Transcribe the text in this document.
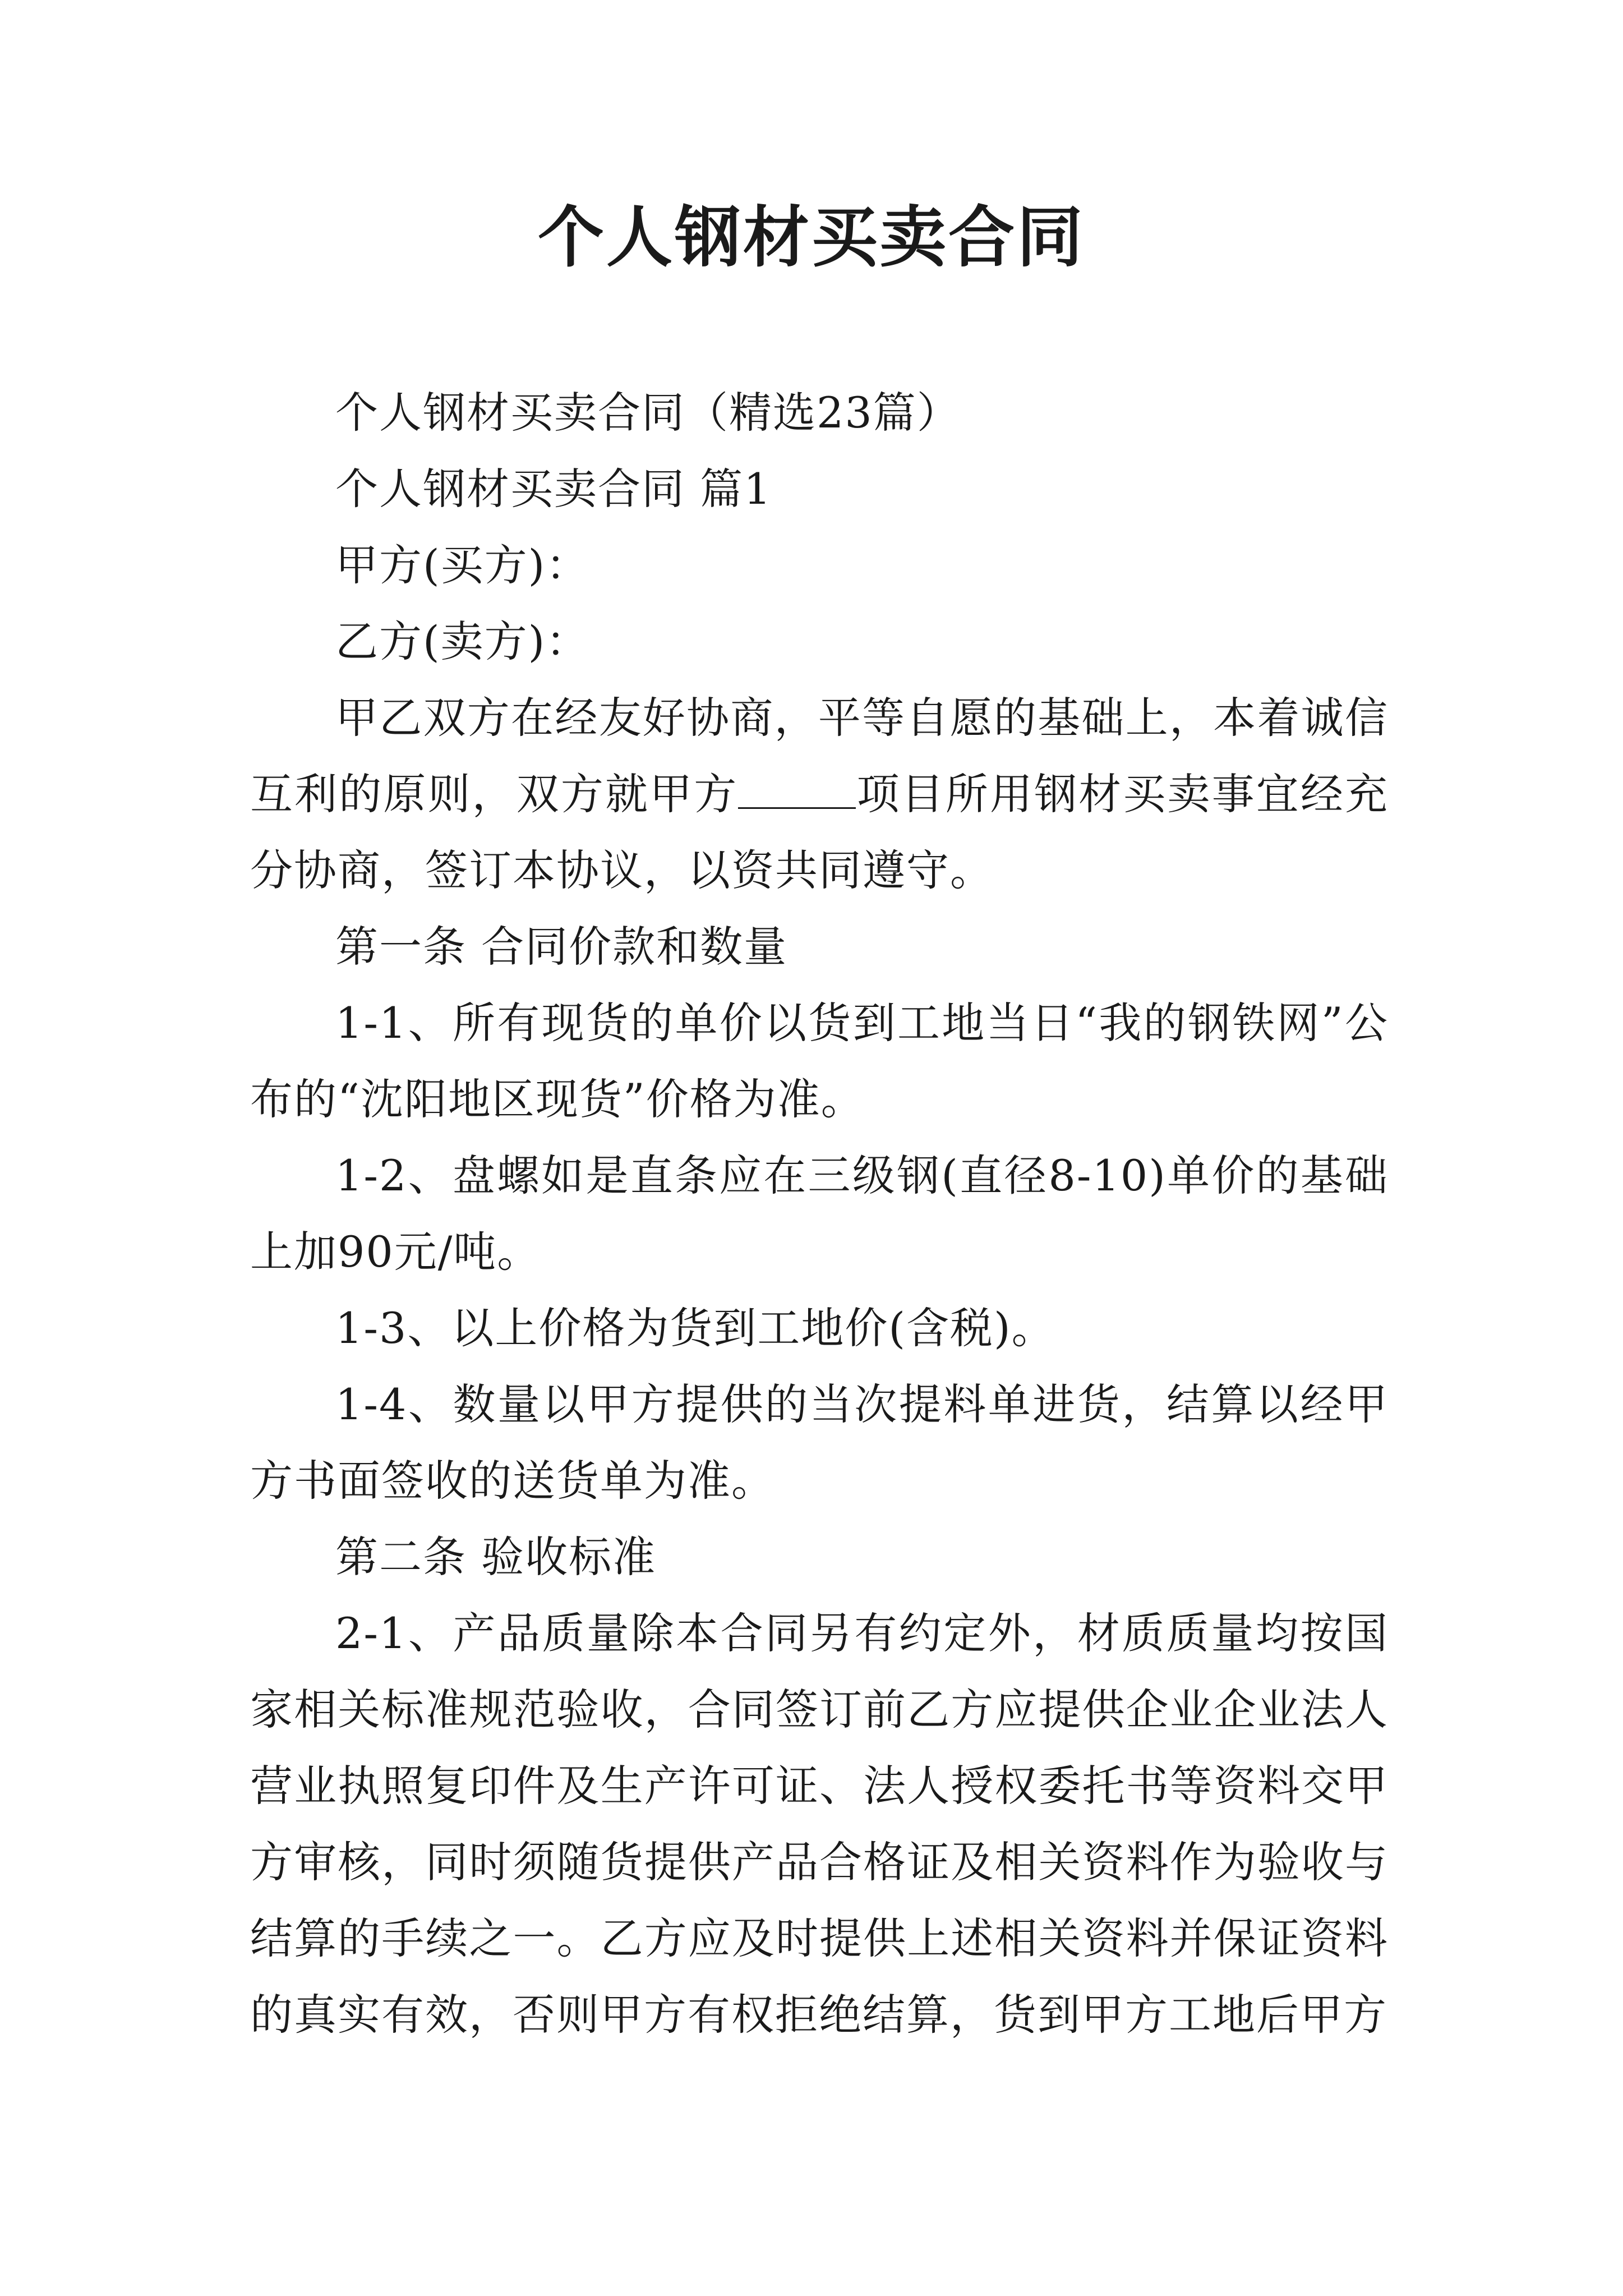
个人钢材买卖合同

个人钢材买卖合同（精选23篇）

个人钢材买卖合同 篇1

甲方(买方)：

乙方(卖方)：

甲乙双方在经友好协商，平等自愿的基础上，本着诚信互利的原则，双方就甲方	项目所用钢材买卖事宜经充分协商，签订本协议，以资共同遵守。

第一条 合同价款和数量

1-1、所有现货的单价以货到工地当日“我的钢铁网”公布的“沈阳地区现货”价格为准。

1-2、盘螺如是直条应在三级钢(直径8-10)单价的基础上加90元/吨。

1-3、以上价格为货到工地价(含税)。

1-4、数量以甲方提供的当次提料单进货，结算以经甲方书面签收的送货单为准。

第二条 验收标准

2-1、产品质量除本合同另有约定外，材质质量均按国家相关标准规范验收，合同签订前乙方应提供企业企业法人营业执照复印件及生产许可证、法人授权委托书等资料交甲方审核，同时须随货提供产品合格证及相关资料作为验收与结算的手续之一。乙方应及时提供上述相关资料并保证资料的真实有效，否则甲方有权拒绝结算，货到甲方工地后甲方
